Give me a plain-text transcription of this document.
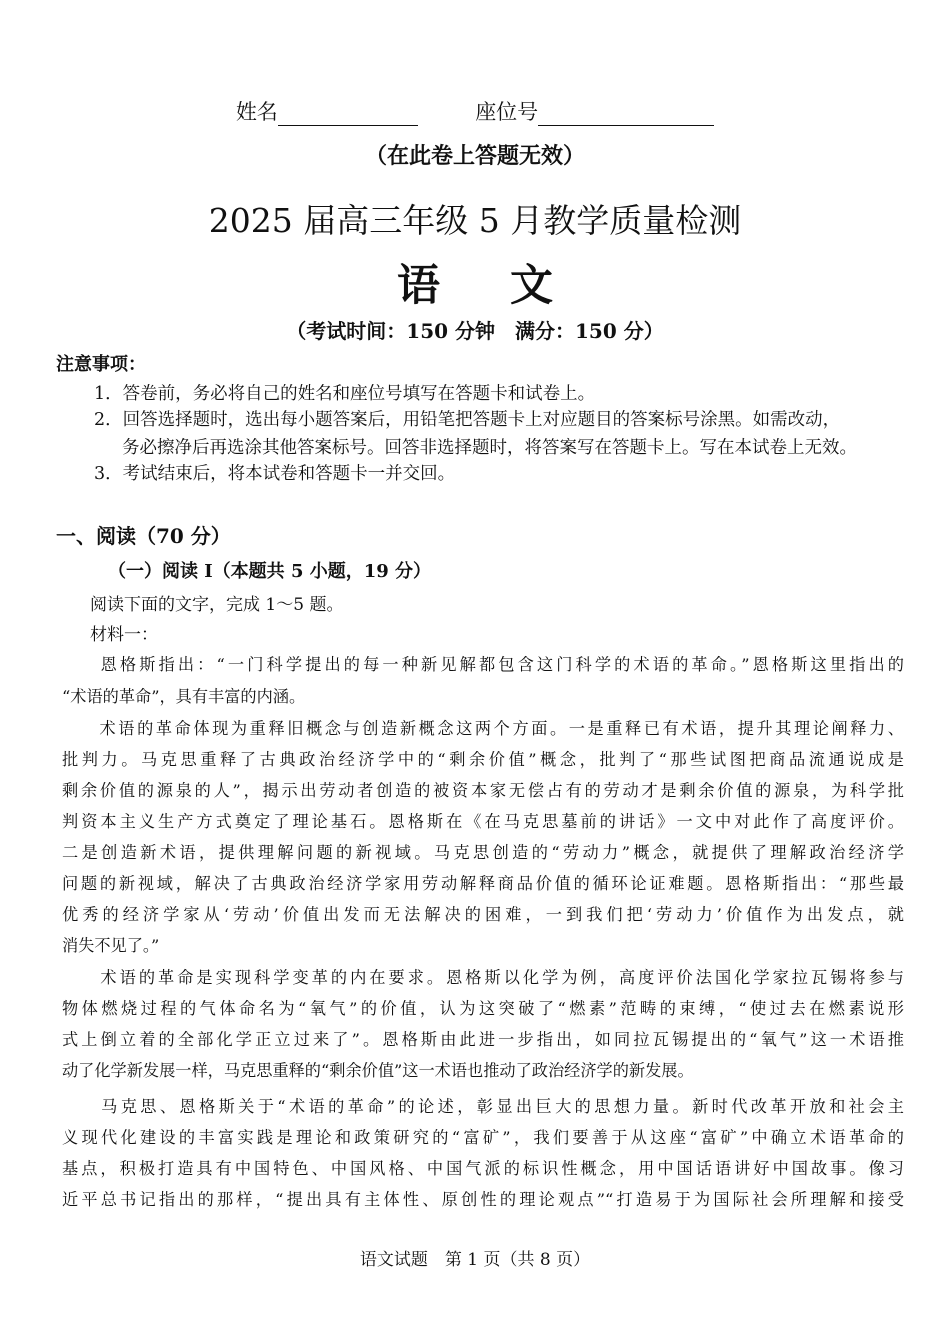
姓名	座位号
（在此卷上答题无效）
2025 届高三年级 5 月教学质量检测
语文
（考试时间：150 分钟　满分：150 分）
注意事项：
1．答卷前，务必将自己的姓名和座位号填写在答题卡和试卷上。
2．回答选择题时，选出每小题答案后，用铅笔把答题卡上对应题目的答案标号涂黑。如需改动，
务必擦净后再选涂其他答案标号。回答非选择题时，将答案写在答题卡上。写在本试卷上无效。
3．考试结束后，将本试卷和答题卡一并交回。
一、阅读（70 分）
（一）阅读 I（本题共 5 小题，19 分）
阅读下面的文字，完成 1～5 题。
材料一：
　　恩格斯指出：“一门科学提出的每一种新见解都包含这门科学的术语的革命。”恩格斯这里指出的
“术语的革命”，具有丰富的内涵。
　　术语的革命体现为重释旧概念与创造新概念这两个方面。一是重释已有术语，提升其理论阐释力、
批判力。马克思重释了古典政治经济学中的“剩余价值”概念，批判了“那些试图把商品流通说成是
剩余价值的源泉的人”，揭示出劳动者创造的被资本家无偿占有的劳动才是剩余价值的源泉，为科学批
判资本主义生产方式奠定了理论基石。恩格斯在《在马克思墓前的讲话》一文中对此作了高度评价。
二是创造新术语，提供理解问题的新视域。马克思创造的“劳动力”概念，就提供了理解政治经济学
问题的新视域，解决了古典政治经济学家用劳动解释商品价值的循环论证难题。恩格斯指出：“那些最
优秀的经济学家从‘劳动’价值出发而无法解决的困难，一到我们把‘劳动力’价值作为出发点，就
消失不见了。”
　　术语的革命是实现科学变革的内在要求。恩格斯以化学为例，高度评价法国化学家拉瓦锡将参与
物体燃烧过程的气体命名为“氧气”的价值，认为这突破了“燃素”范畴的束缚，“使过去在燃素说形
式上倒立着的全部化学正立过来了”。恩格斯由此进一步指出，如同拉瓦锡提出的“氧气”这一术语推
动了化学新发展一样，马克思重释的“剩余价值”这一术语也推动了政治经济学的新发展。
　　马克思、恩格斯关于“术语的革命”的论述，彰显出巨大的思想力量。新时代改革开放和社会主
义现代化建设的丰富实践是理论和政策研究的“富矿”，我们要善于从这座“富矿”中确立术语革命的
基点，积极打造具有中国特色、中国风格、中国气派的标识性概念，用中国话语讲好中国故事。像习
近平总书记指出的那样，“提出具有主体性、原创性的理论观点”“打造易于为国际社会所理解和接受
语文试题　第 1 页（共 8 页）
